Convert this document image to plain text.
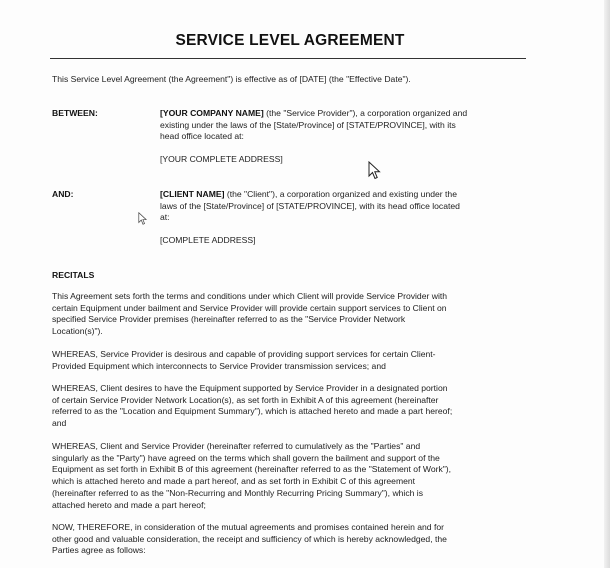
SERVICE LEVEL AGREEMENT
This Service Level Agreement (the Agreement") is effective as of [DATE] (the "Effective Date").
BETWEEN:	[YOUR COMPANY NAME] (the "Service Provider"), a corporation organized and
existing under the laws of the [State/Province] of [STATE/PROVINCE], with its
head office located at:
[YOUR COMPLETE ADDRESS]
AND:	[CLIENT NAME] (the "Client"), a corporation organized and existing under the
laws of the [State/Province] of [STATE/PROVINCE], with its head office located
at:
[COMPLETE ADDRESS]
RECITALS
This Agreement sets forth the terms and conditions under which Client will provide Service Provider with
certain Equipment under bailment and Service Provider will provide certain support services to Client on
specified Service Provider premises (hereinafter referred to as the "Service Provider Network
Location(s)").
WHEREAS, Service Provider is desirous and capable of providing support services for certain Client-
Provided Equipment which interconnects to Service Provider transmission services; and
WHEREAS, Client desires to have the Equipment supported by Service Provider in a designated portion
of certain Service Provider Network Location(s), as set forth in Exhibit A of this agreement (hereinafter
referred to as the "Location and Equipment Summary"), which is attached hereto and made a part hereof;
and
WHEREAS, Client and Service Provider (hereinafter referred to cumulatively as the "Parties" and
singularly as the "Party") have agreed on the terms which shall govern the bailment and support of the
Equipment as set forth in Exhibit B of this agreement (hereinafter referred to as the "Statement of Work"),
which is attached hereto and made a part hereof, and as set forth in Exhibit C of this agreement
(hereinafter referred to as the "Non-Recurring and Monthly Recurring Pricing Summary"), which is
attached hereto and made a part hereof;
NOW, THEREFORE, in consideration of the mutual agreements and promises contained herein and for
other good and valuable consideration, the receipt and sufficiency of which is hereby acknowledged, the
Parties agree as follows:
